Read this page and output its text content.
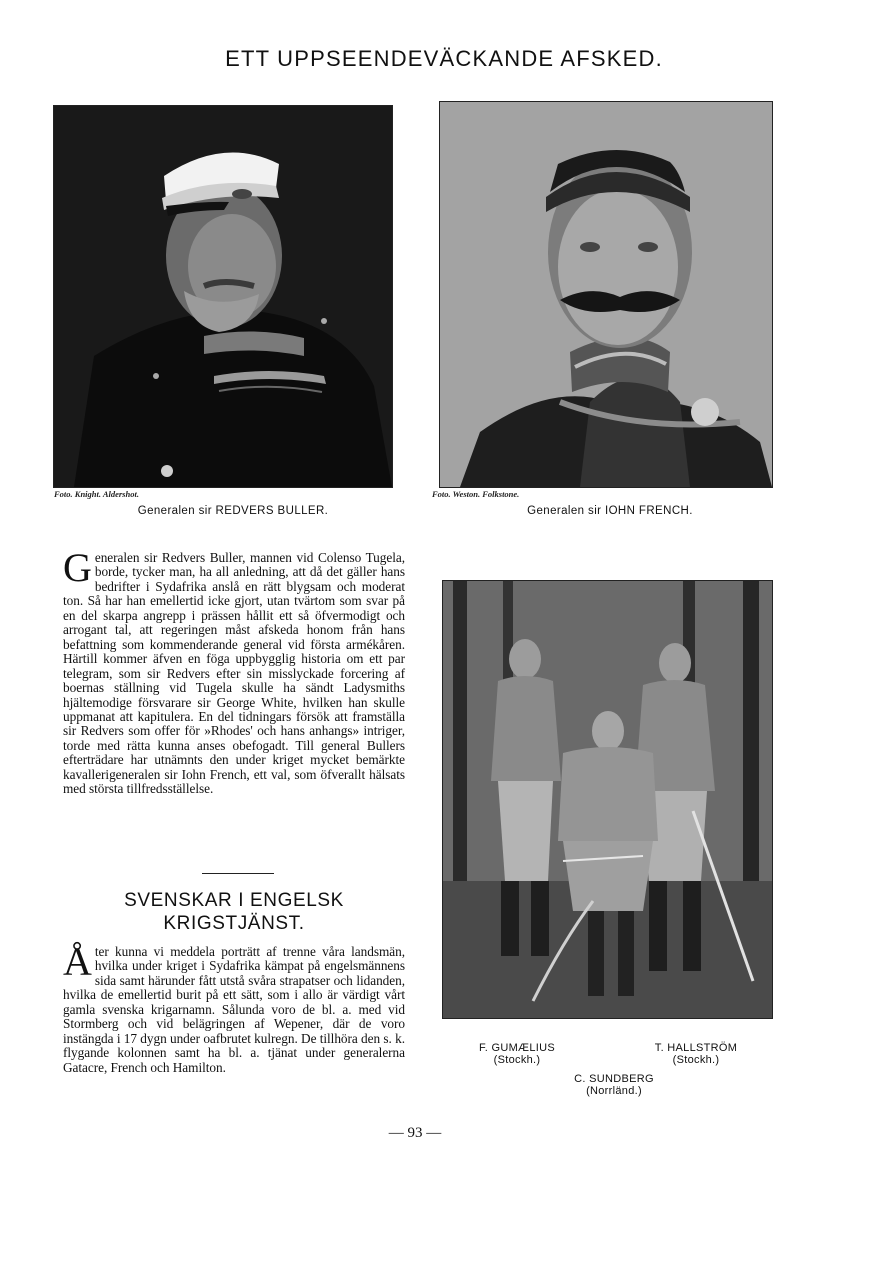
ETT UPPSEENDEVÄCKANDE AFSKED.
Foto. Knight. Aldershot.
Generalen sir REDVERS BULLER.
Foto. Weston. Folkstone.
Generalen sir IOHN FRENCH.
Generalen sir Redvers Buller, mannen vid Colenso Tugela, borde, tycker man, ha all anledning, att då det gäller hans bedrifter i Sydafrika anslå en rätt blygsam och moderat ton. Så har han emellertid icke gjort, utan tvärtom som svar på en del skarpa angrepp i prässen hållit ett så öfvermodigt och arrogant tal, att regeringen måst afskeda honom från hans befattning som kommenderande general vid första armékåren. Härtill kommer äfven en föga uppbygglig historia om ett par telegram, som sir Redvers efter sin misslyckade forcering af boernas ställning vid Tugela skulle ha sändt Ladysmiths hjältemodige försvarare sir George White, hvilken han skulle uppmanat att kapitulera. En del tidningars försök att framställa sir Redvers som offer för »Rhodes' och hans anhangs» intriger, torde med rätta kunna anses obefogadt. Till general Bullers efterträdare har utnämnts den under kriget mycket bemärkte kavallerigeneralen sir Iohn French, ett val, som öfverallt hälsats med största tillfredsställelse.
SVENSKAR I ENGELSK KRIGSTJÄNST.
Åter kunna vi meddela porträtt af trenne våra landsmän, hvilka under kriget i Sydafrika kämpat på engelsmännens sida samt härunder fått utstå svåra strapatser och lidanden, hvilka de emellertid burit på ett sätt, som i allo är värdigt vårt gamla svenska krigarnamn. Sålunda voro de bl. a. med vid Stormberg och vid belägringen af Wepener, där de voro instängda i 17 dygn under oafbrutet kulregn. De tillhöra den s. k. flygande kolonnen samt ha bl. a. tjänat under generalerna Gatacre, French och Hamilton.
F. GUMÆLIUS
(Stockh.)
T. HALLSTRÖM
(Stockh.)
C. SUNDBERG
(Norrländ.)
— 93 —
